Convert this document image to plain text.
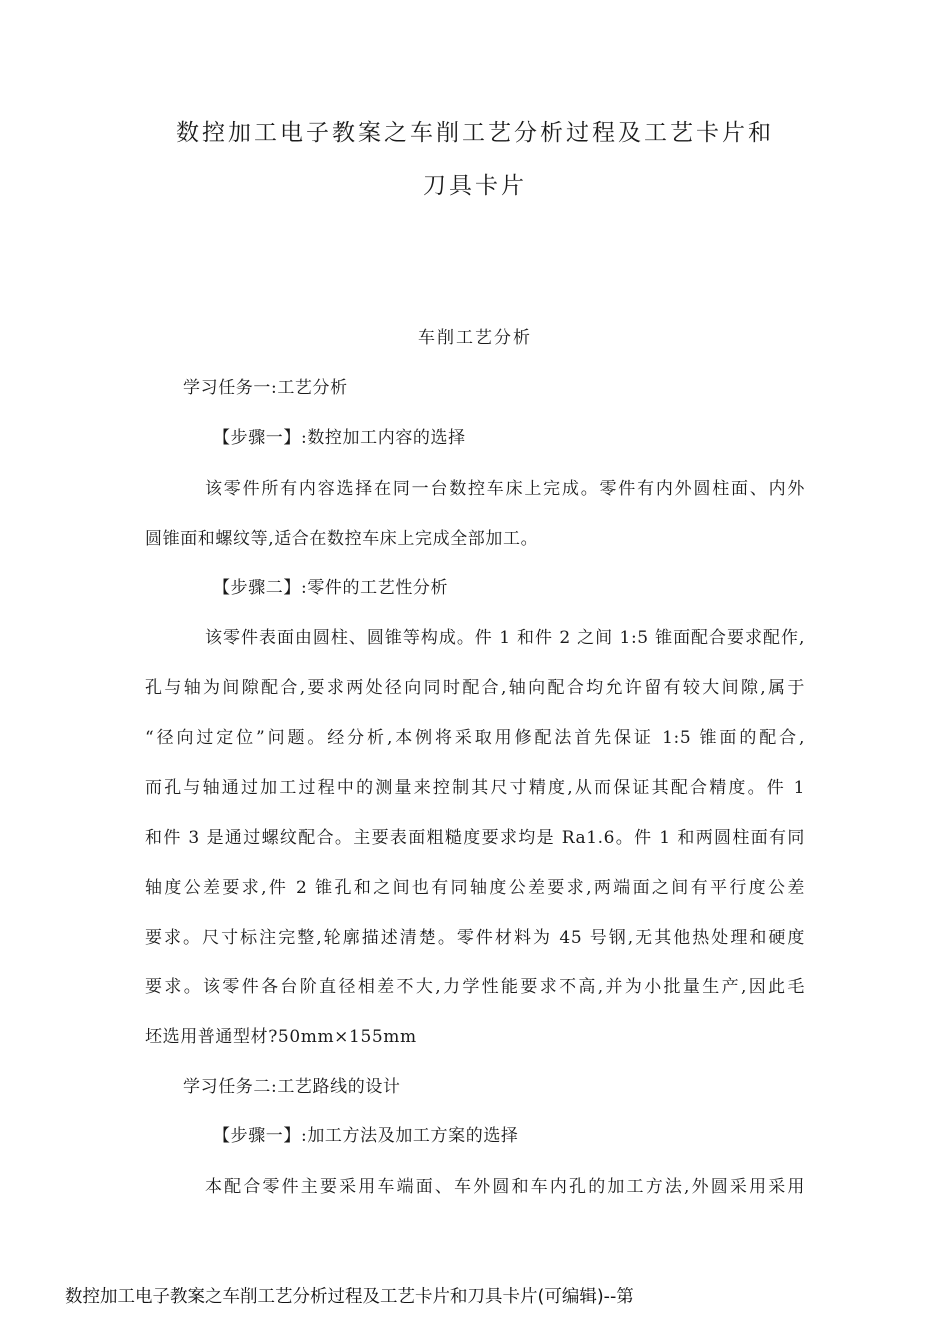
数控加工电子教案之车削工艺分析过程及工艺卡片和
刀具卡片
车削工艺分析
学习任务一:工艺分析
【步骤一】:数控加工内容的选择
该零件所有内容选择在同一台数控车床上完成。零件有内外圆柱面、内外
圆锥面和螺纹等,适合在数控车床上完成全部加工。
【步骤二】:零件的工艺性分析
该零件表面由圆柱、圆锥等构成。件 1 和件 2 之间 1:5 锥面配合要求配作,
孔与轴为间隙配合,要求两处径向同时配合,轴向配合均允许留有较大间隙,属于
“径向过定位”问题。经分析,本例将采取用修配法首先保证 1:5 锥面的配合,
而孔与轴通过加工过程中的测量来控制其尺寸精度,从而保证其配合精度。件 1
和件 3 是通过螺纹配合。主要表面粗糙度要求均是 Ra1.6。件 1 和两圆柱面有同
轴度公差要求,件 2 锥孔和之间也有同轴度公差要求,两端面之间有平行度公差
要求。尺寸标注完整,轮廓描述清楚。零件材料为 45 号钢,无其他热处理和硬度
要求。该零件各台阶直径相差不大,力学性能要求不高,并为小批量生产,因此毛
坯选用普通型材?50mm×155mm
学习任务二:工艺路线的设计
【步骤一】:加工方法及加工方案的选择
本配合零件主要采用车端面、车外圆和车内孔的加工方法,外圆采用采用
数控加工电子教案之车削工艺分析过程及工艺卡片和刀具卡片(可编辑)--第
